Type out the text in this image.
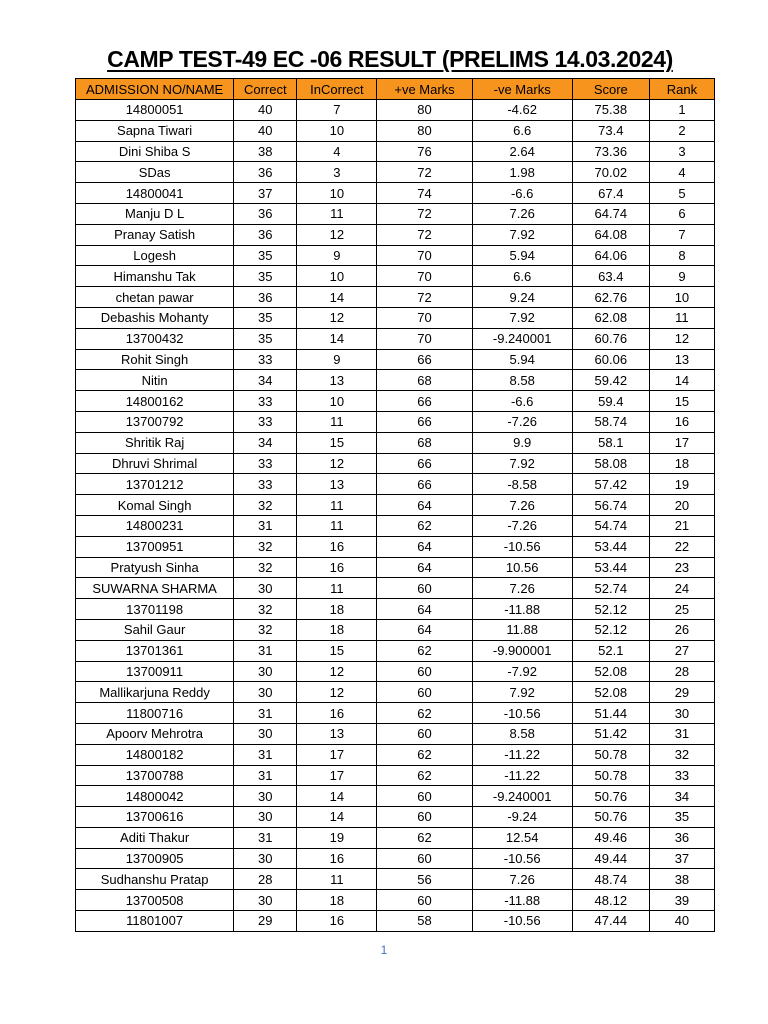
CAMP TEST-49 EC -06 RESULT (PRELIMS 14.03.2024)
ADMISSION NO/NAME	Correct	InCorrect	+ve Marks	-ve Marks	Score	Rank
14800051	40	7	80	-4.62	75.38	1
Sapna Tiwari	40	10	80	6.6	73.4	2
Dini Shiba S	38	4	76	2.64	73.36	3
SDas	36	3	72	1.98	70.02	4
14800041	37	10	74	-6.6	67.4	5
Manju D L	36	11	72	7.26	64.74	6
Pranay Satish	36	12	72	7.92	64.08	7
Logesh	35	9	70	5.94	64.06	8
Himanshu Tak	35	10	70	6.6	63.4	9
chetan pawar	36	14	72	9.24	62.76	10
Debashis Mohanty	35	12	70	7.92	62.08	11
13700432	35	14	70	-9.240001	60.76	12
Rohit Singh	33	9	66	5.94	60.06	13
Nitin	34	13	68	8.58	59.42	14
14800162	33	10	66	-6.6	59.4	15
13700792	33	11	66	-7.26	58.74	16
Shritik Raj	34	15	68	9.9	58.1	17
Dhruvi Shrimal	33	12	66	7.92	58.08	18
13701212	33	13	66	-8.58	57.42	19
Komal Singh	32	11	64	7.26	56.74	20
14800231	31	11	62	-7.26	54.74	21
13700951	32	16	64	-10.56	53.44	22
Pratyush Sinha	32	16	64	10.56	53.44	23
SUWARNA SHARMA	30	11	60	7.26	52.74	24
13701198	32	18	64	-11.88	52.12	25
Sahil Gaur	32	18	64	11.88	52.12	26
13701361	31	15	62	-9.900001	52.1	27
13700911	30	12	60	-7.92	52.08	28
Mallikarjuna Reddy	30	12	60	7.92	52.08	29
11800716	31	16	62	-10.56	51.44	30
Apoorv Mehrotra	30	13	60	8.58	51.42	31
14800182	31	17	62	-11.22	50.78	32
13700788	31	17	62	-11.22	50.78	33
14800042	30	14	60	-9.240001	50.76	34
13700616	30	14	60	-9.24	50.76	35
Aditi Thakur	31	19	62	12.54	49.46	36
13700905	30	16	60	-10.56	49.44	37
Sudhanshu Pratap	28	11	56	7.26	48.74	38
13700508	30	18	60	-11.88	48.12	39
11801007	29	16	58	-10.56	47.44	40
1
